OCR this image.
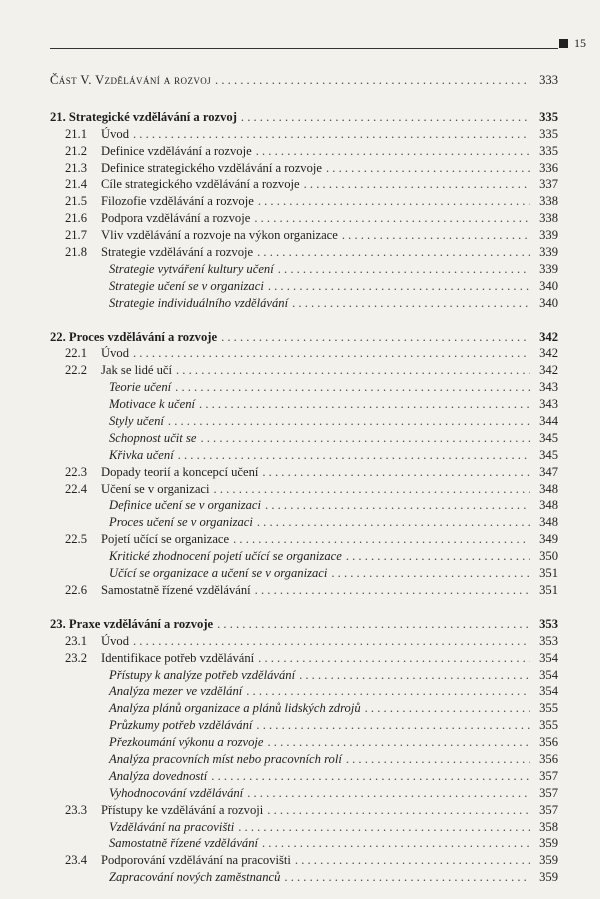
15
Část V. Vzdělávání a rozvoj . . .	333
21. Strategické vzdělávání a rozvoj . . .	335
21.1	Úvod . . .	335
21.2	Definice vzdělávání a rozvoje . . .	335
21.3	Definice strategického vzdělávání a rozvoje . . .	336
21.4	Cíle strategického vzdělávání a rozvoje . . .	337
21.5	Filozofie vzdělávání a rozvoje . . .	338
21.6	Podpora vzdělávání a rozvoje . . .	338
21.7	Vliv vzdělávání a rozvoje na výkon organizace . . .	339
21.8	Strategie vzdělávání a rozvoje . . .	339
Strategie vytváření kultury učení . . .	339
Strategie učení se v organizaci . . .	340
Strategie individuálního vzdělávání . . .	340
22. Proces vzdělávání a rozvoje . . .	342
22.1	Úvod . . .	342
22.2	Jak se lidé učí . . .	342
Teorie učení . . .	343
Motivace k učení . . .	343
Styly učení . . .	344
Schopnost učit se . . .	345
Křivka učení . . .	345
22.3	Dopady teorií a koncepcí učení . . .	347
22.4	Učení se v organizaci . . .	348
Definice učení se v organizaci . . .	348
Proces učení se v organizaci . . .	348
22.5	Pojetí učící se organizace . . .	349
Kritické zhodnocení pojetí učící se organizace . . .	350
Učící se organizace a učení se v organizaci . . .	351
22.6	Samostatně řízené vzdělávání . . .	351
23. Praxe vzdělávání a rozvoje . . .	353
23.1	Úvod . . .	353
23.2	Identifikace potřeb vzdělávání . . .	354
Přístupy k analýze potřeb vzdělávání . . .	354
Analýza mezer ve vzdělání . . .	354
Analýza plánů organizace a plánů lidských zdrojů . . .	355
Průzkumy potřeb vzdělávání . . .	355
Přezkoumání výkonu a rozvoje . . .	356
Analýza pracovních míst nebo pracovních rolí . . .	356
Analýza dovedností . . .	357
Vyhodnocování vzdělávání . . .	357
23.3	Přístupy ke vzdělávání a rozvoji . . .	357
Vzdělávání na pracovišti . . .	358
Samostatně řízené vzdělávání . . .	359
23.4	Podporování vzdělávání na pracovišti . . .	359
Zapracování nových zaměstnanců . . .	359
